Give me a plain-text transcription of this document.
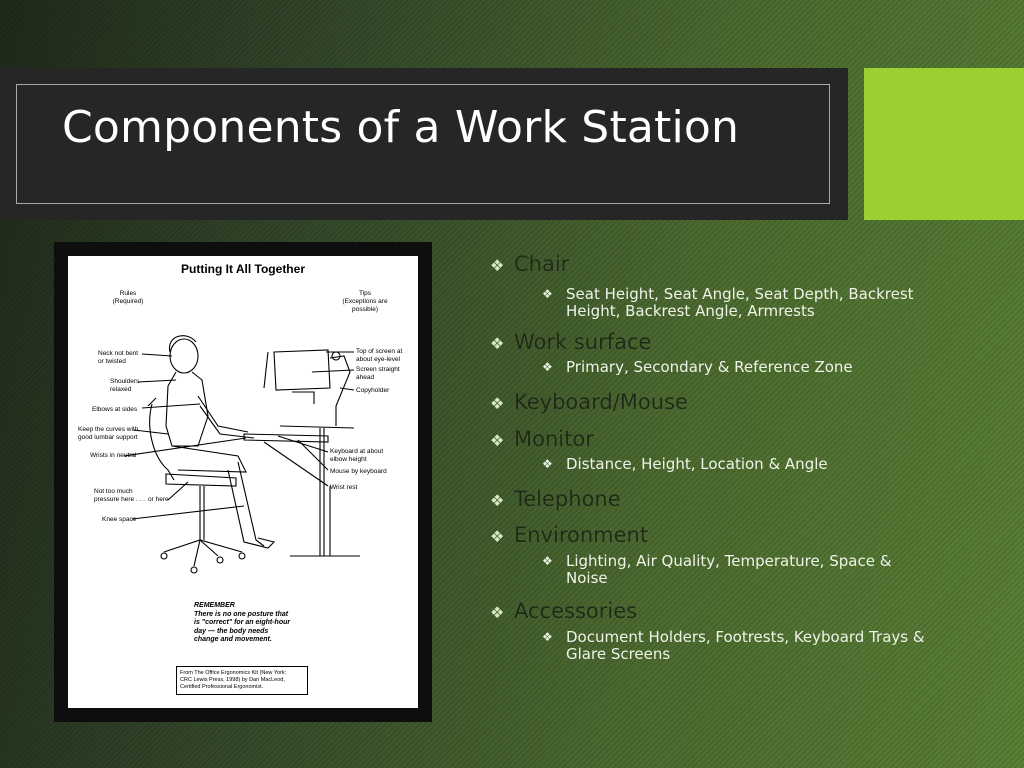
Components of a Work Station
Putting It All Together
Rules
(Required)
Tips
(Exceptions are
possible)
Neck not bent
or twisted
Shoulders
relaxed
Elbows at sides
Keep the curves with
good lumbar support
Wrists in neutral
Not too much
pressure here . . . or here
Knee space
Top of screen at
about eye-level
Screen straight
ahead
Copyholder
Keyboard at about
elbow height
Mouse by keyboard
Wrist rest
REMEMBER
There is no one posture that
is "correct" for an eight-hour
day — the body needs
change and movement.
From The Office Ergonomics Kit (New York:
CRC Lewis Press, 1998) by Dan MacLeod,
Certified Professional Ergonomist.
❖ Chair
❖ Seat Height, Seat Angle, Seat Depth, Backrest Height, Backrest Angle, Armrests
❖ Work surface
❖ Primary, Secondary & Reference Zone
❖ Keyboard/Mouse
❖ Monitor
❖ Distance, Height, Location & Angle
❖ Telephone
❖ Environment
❖ Lighting, Air Quality, Temperature, Space & Noise
❖ Accessories
❖ Document Holders, Footrests, Keyboard Trays & Glare Screens
